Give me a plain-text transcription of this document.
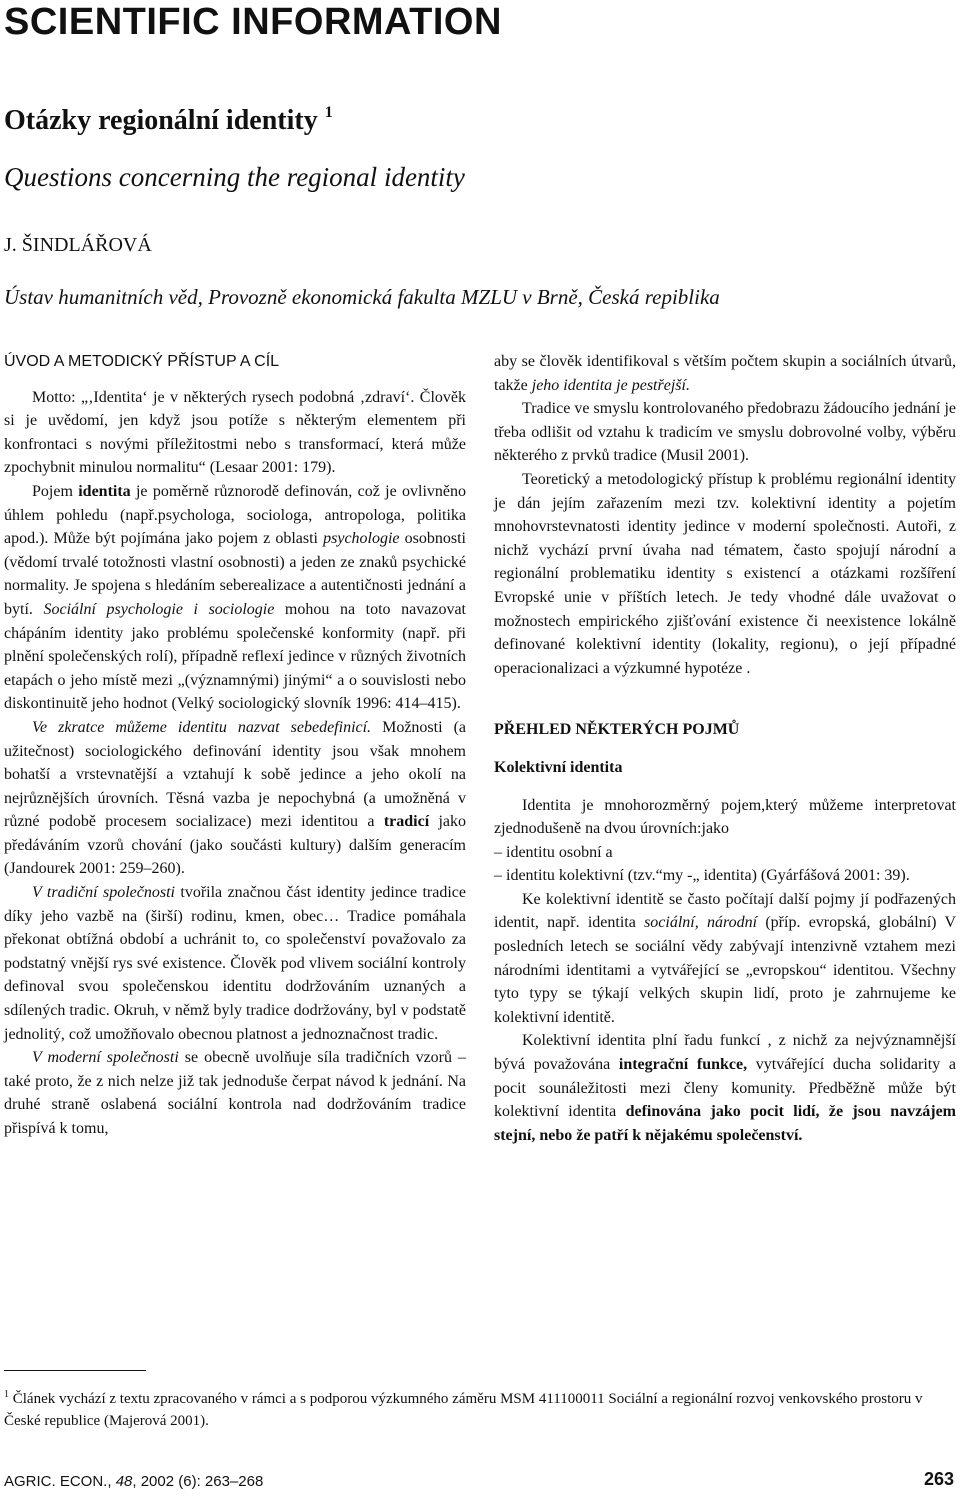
SCIENTIFIC INFORMATION
Otázky regionální identity $^1$
Questions concerning the regional identity
J. ŠINDLÁŘOVÁ
Ústav humanitních věd, Provozně ekonomická fakulta MZLU v Brně, Česká repiblika

ÚVOD A METODICKÝ PŘÍSTUP A CÍL

Motto: „‚Identita‘ je v některých rysech podobná ‚zdraví‘. Člověk si je uvědomí, jen když jsou potíže s některým elementem při konfrontaci s novými příležitostmi nebo s transformací, která může zpochybnit minulou normalitu“ (Lesaar 2001: 179).

Pojem identita je poměrně různorodě definován, což je ovlivněno úhlem pohledu (např.psychologa, sociologa, antropologa, politika apod.). Může být pojímána jako pojem z oblasti psychologie osobnosti (vědomí trvalé totožnosti vlastní osobnosti) a jeden ze znaků psychické normality. Je spojena s hledáním seberealizace a autentičnosti jednání a bytí. Sociální psychologie i sociologie mohou na toto navazovat chápáním identity jako problému společenské konformity (např. při plnění společenských rolí), případně reflexí jedince v různých životních etapách o jeho místě mezi „(významnými) jinými“ a o souvislosti nebo diskontinuitě jeho hodnot (Velký sociologický slovník 1996: 414–415).

Ve zkratce můžeme identitu nazvat sebedefinicí. Možnosti (a užitečnost) sociologického definování identity jsou však mnohem bohatší a vrstevnatější a vztahují k sobě jedince a jeho okolí na nejrůznějších úrovních. Těsná vazba je nepochybná (a umožněná v různé podobě procesem socializace) mezi identitou a tradicí jako předáváním vzorů chování (jako součásti kultury) dalším generacím (Jandourek 2001: 259–260).

V tradiční společnosti tvořila značnou část identity jedince tradice díky jeho vazbě na (širší) rodinu, kmen, obec… Tradice pomáhala překonat obtížná období a uchránit to, co společenství považovalo za podstatný vnější rys své existence. Člověk pod vlivem sociální kontroly definoval svou společenskou identitu dodržováním uznaných a sdílených tradic. Okruh, v němž byly tradice dodržovány, byl v podstatě jednolitý, což umožňovalo obecnou platnost a jednoznačnost tradic.

V moderní společnosti se obecně uvolňuje síla tradičních vzorů – také proto, že z nich nelze již tak jednoduše čerpat návod k jednání. Na druhé straně oslabená sociální kontrola nad dodržováním tradice přispívá k tomu,

aby se člověk identifikoval s větším počtem skupin a sociálních útvarů, takže jeho identita je pestřejší.

Tradice ve smyslu kontrolovaného předobrazu žádoucího jednání je třeba odlišit od vztahu k tradicím ve smyslu dobrovolné volby, výběru některého z prvků tradice (Musil 2001).

Teoretický a metodologický přístup k problému regionální identity je dán jejím zařazením mezi tzv. kolektivní identity a pojetím mnohovrstevnatosti identity jedince v moderní společnosti. Autoři, z nichž vychází první úvaha nad tématem, často spojují národní a regionální problematiku identity s existencí a otázkami rozšíření Evropské unie v příštích letech. Je tedy vhodné dále uvažovat o možnostech empirického zjišťování existence či neexistence lokálně definované kolektivní identity (lokality, regionu), o její případné operacionalizaci a výzkumné hypotéze .

PŘEHLED NĚKTERÝCH POJMŮ

Kolektivní identita

Identita je mnohorozměrný pojem,který můžeme interpretovat zjednodušeně na dvou úrovních:jako

– identitu osobní a

– identitu kolektivní (tzv.“my -„ identita) (Gyárfášová 2001: 39).

Ke kolektivní identitě se často počítají další pojmy jí podřazených identit, např. identita sociální, národní (příp. evropská, globální) V posledních letech se sociální vědy zabývají intenzivně vztahem mezi národními identitami a vytvářející se „evropskou“ identitou. Všechny tyto typy se týkají velkých skupin lidí, proto je zahrnujeme ke kolektivní identitě.

Kolektivní identita plní řadu funkcí , z nichž za nejvýznamnější bývá považována integrační funkce, vytvářející ducha solidarity a pocit sounáležitosti mezi členy komunity. Předběžně může být kolektivní identita definována jako pocit lidí, že jsou navzájem stejní, nebo že patří k nějakému společenství.

$^1$ Článek vychází z textu zpracovaného v rámci a s podporou výzkumného záměru MSM 411100011 Sociální a regionální rozvoj venkovského prostoru v České republice (Majerová 2001).
AGRIC. ECON., 48, 2002 (6): 263–268	263
